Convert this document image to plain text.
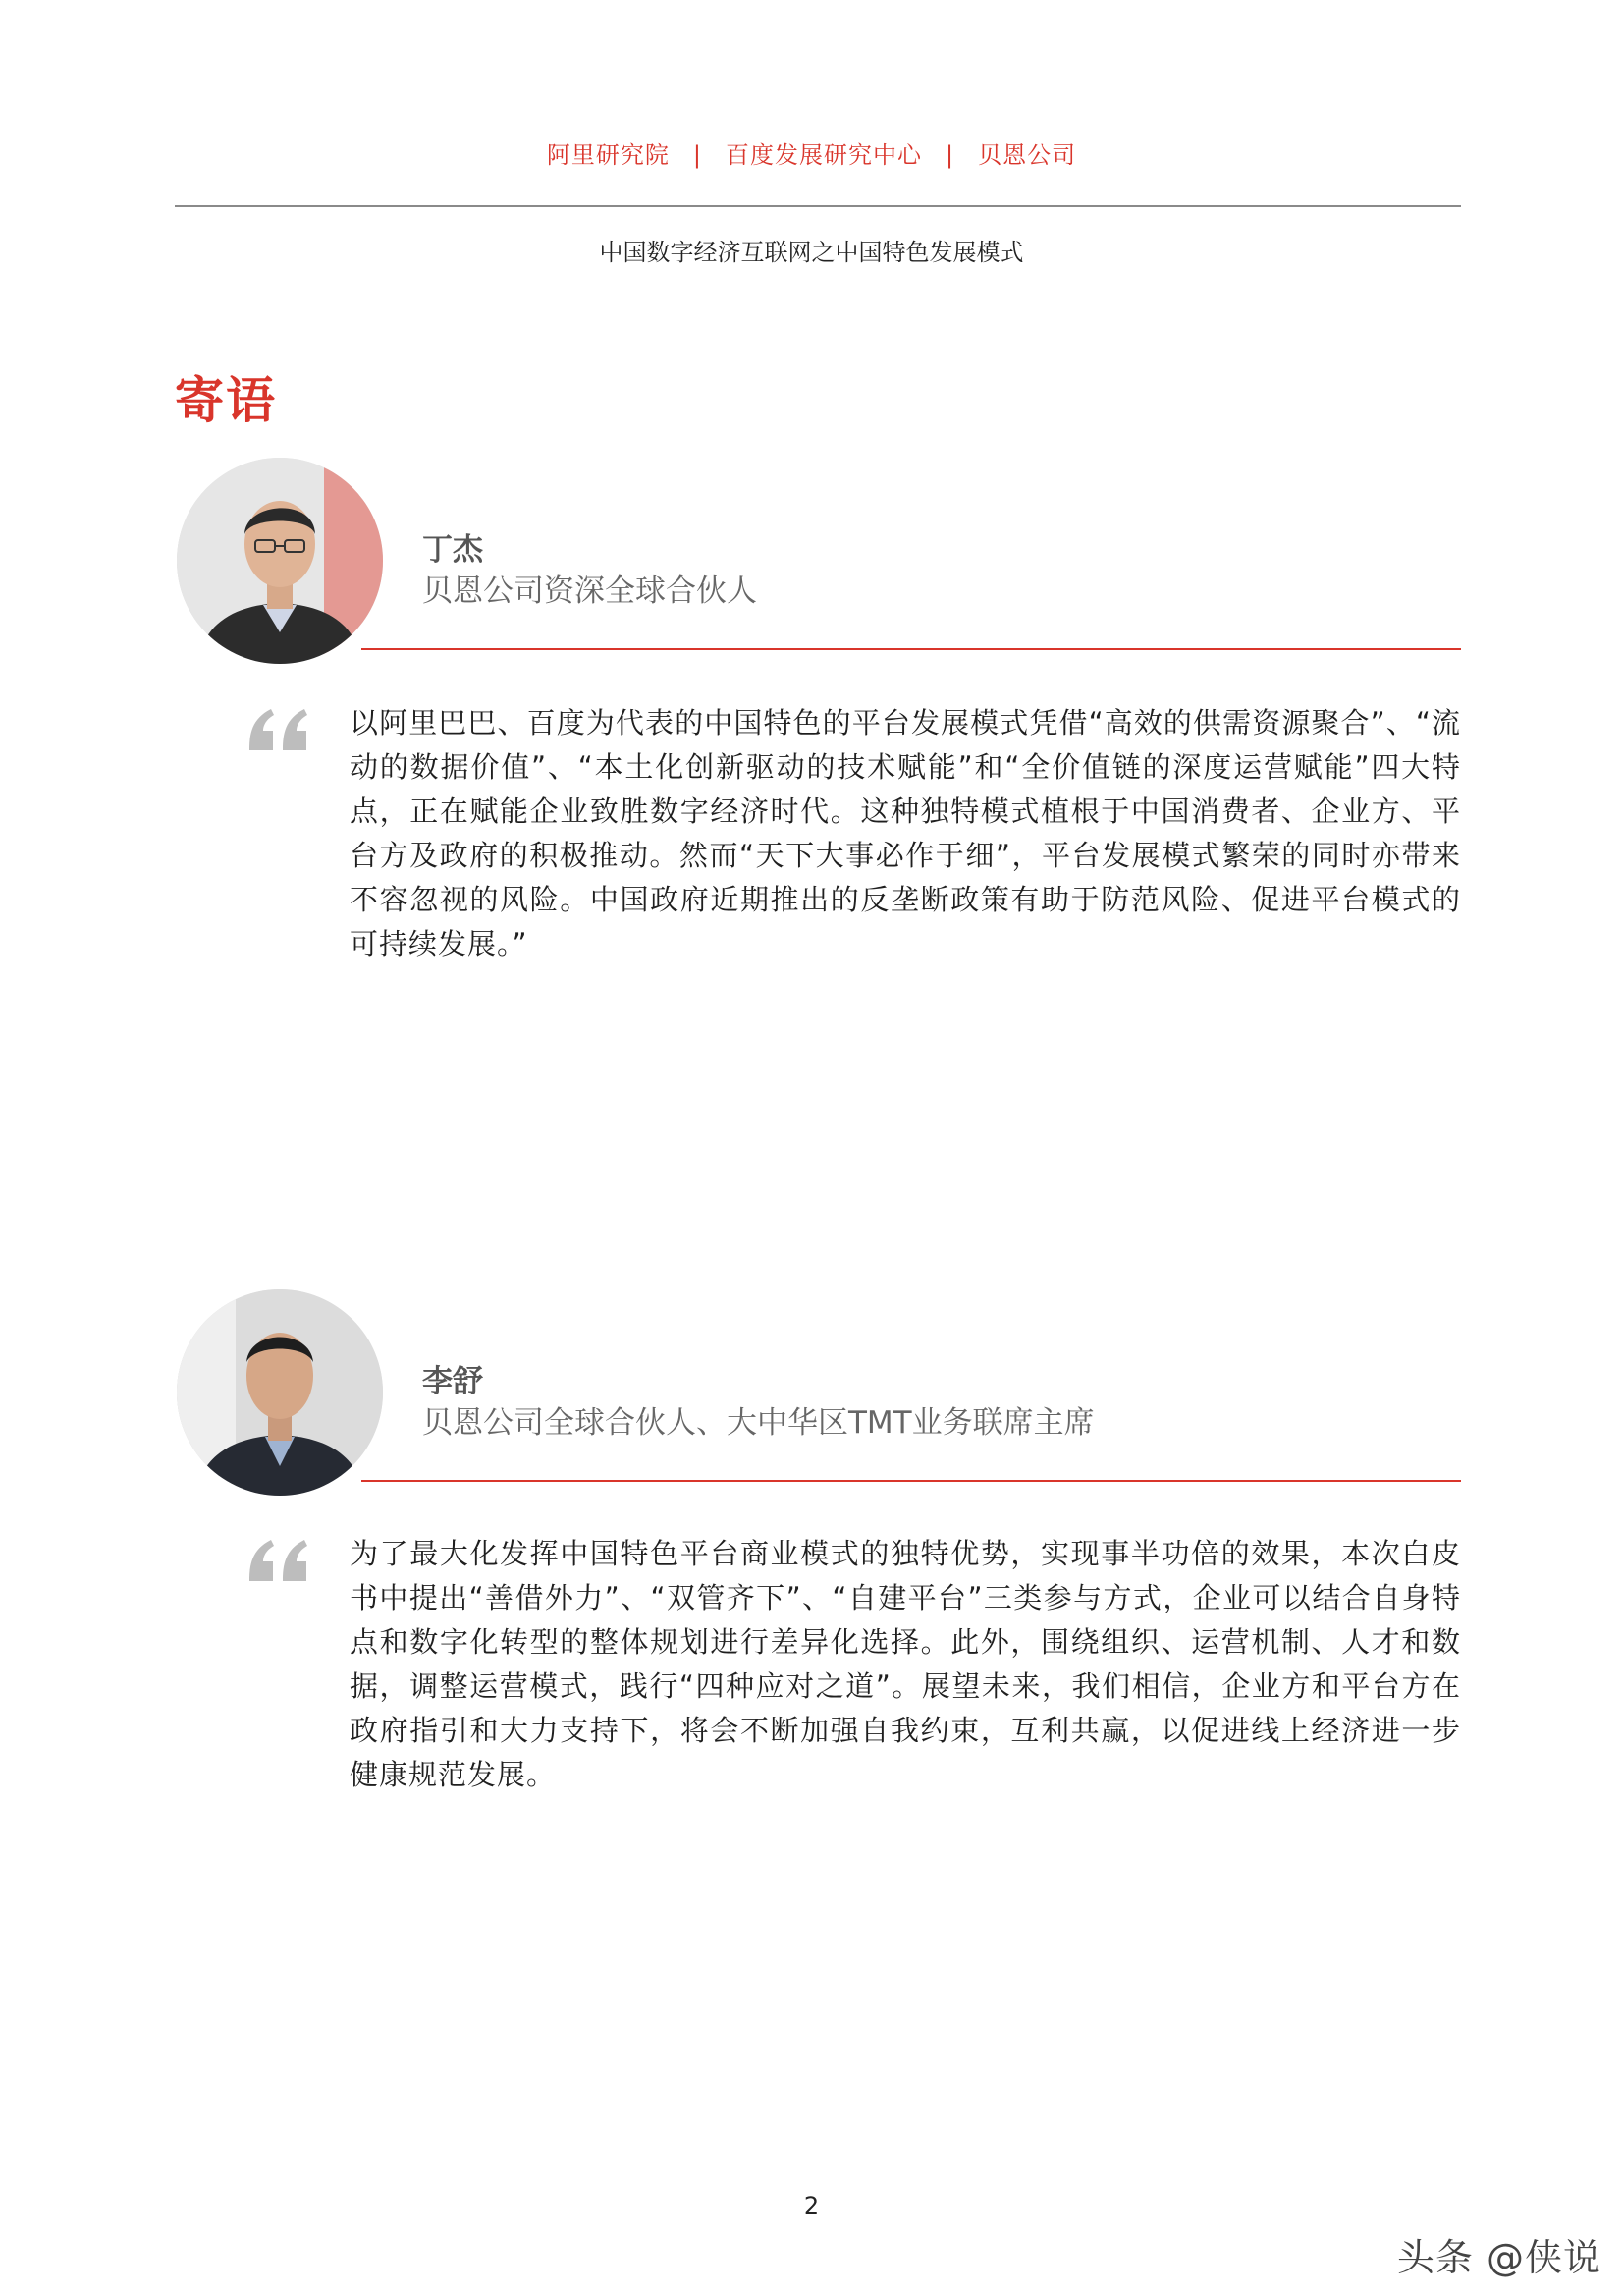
阿里研究院 | 百度发展研究中心 | 贝恩公司
中国数字经济互联网之中国特色发展模式
寄语
丁杰
贝恩公司资深全球合伙人
以阿里巴巴、百度为代表的中国特色的平台发展模式凭借“高效的供需资源聚合”、“流动的数据价值”、“本土化创新驱动的技术赋能”和“全价值链的深度运营赋能”四大特点，正在赋能企业致胜数字经济时代。这种独特模式植根于中国消费者、企业方、平台方及政府的积极推动。然而“天下大事必作于细”，平台发展模式繁荣的同时亦带来不容忽视的风险。中国政府近期推出的反垄断政策有助于防范风险、促进平台模式的可持续发展。”
李舒
贝恩公司全球合伙人、大中华区TMT业务联席主席
为了最大化发挥中国特色平台商业模式的独特优势，实现事半功倍的效果，本次白皮书中提出“善借外力”、“双管齐下”、“自建平台”三类参与方式，企业可以结合自身特点和数字化转型的整体规划进行差异化选择。此外，围绕组织、运营机制、人才和数据，调整运营模式，践行“四种应对之道”。展望未来，我们相信，企业方和平台方在政府指引和大力支持下，将会不断加强自我约束，互利共赢，以促进线上经济进一步健康规范发展。
2
头条 @侠说
